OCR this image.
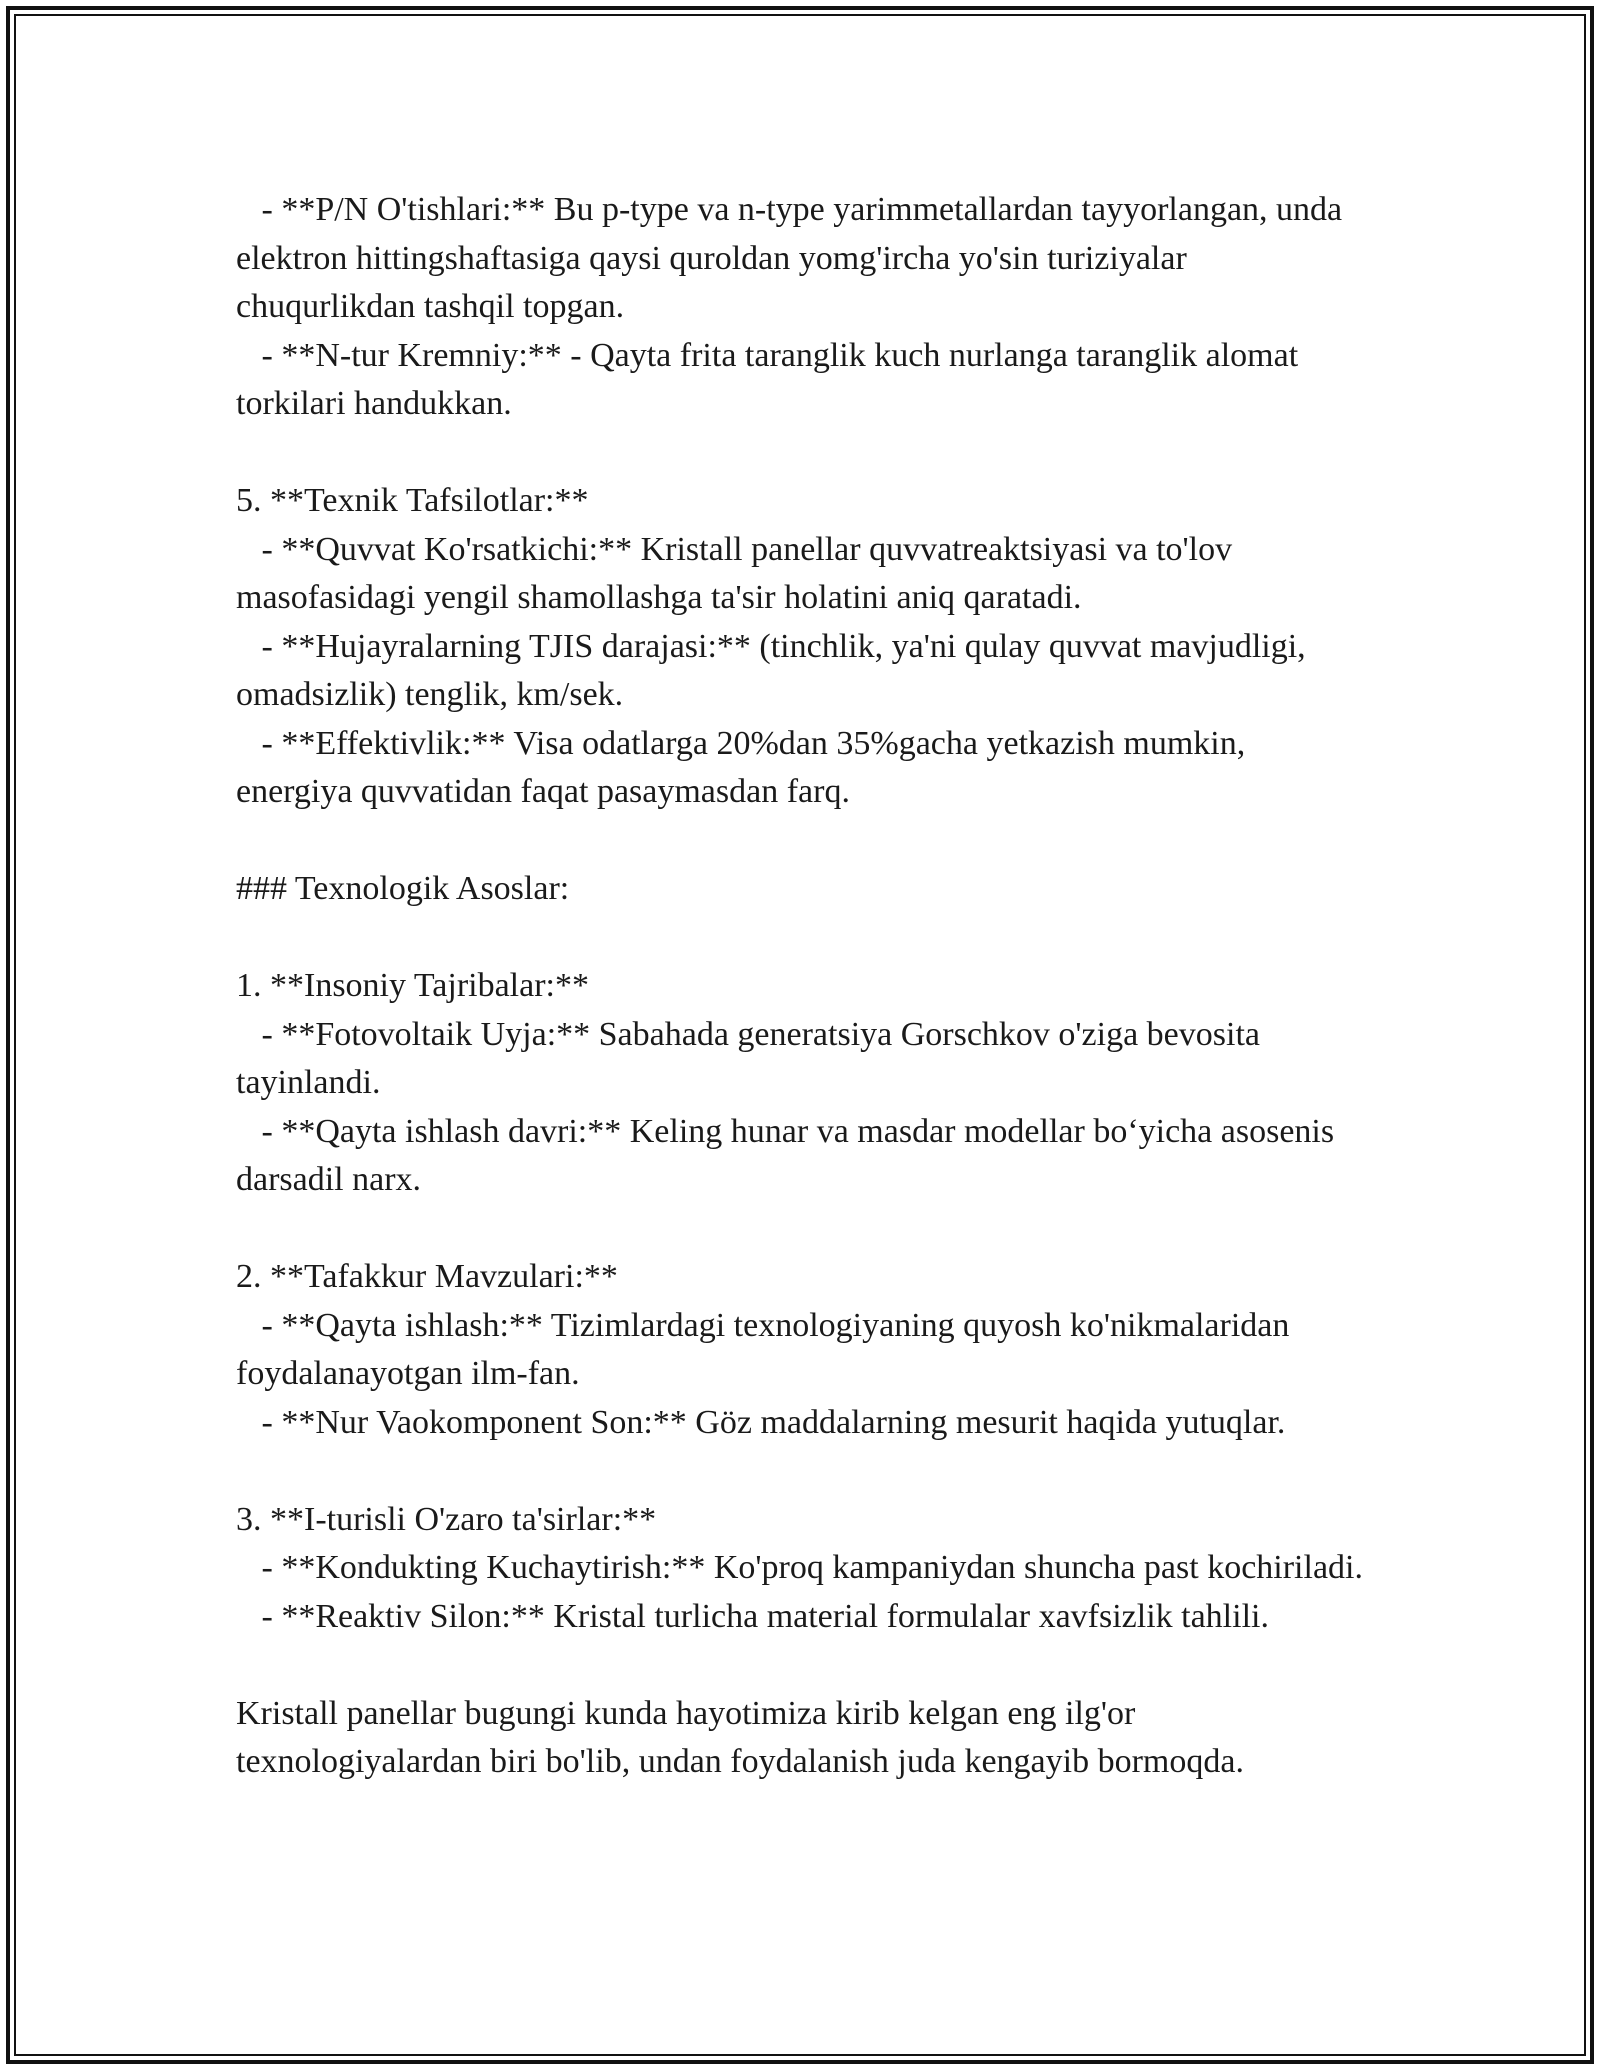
- **P/N O'tishlari:** Bu p-type va n-type yarimmetallardan tayyorlangan, unda elektron hittingshaftasiga qaysi quroldan yomg'ircha yo'sin turiziyalar chuqurlikdan tashqil topgan.

- **N-tur Kremniy:** - Qayta frita taranglik kuch nurlanga taranglik alomat torkilari handukkan.

5. **Texnik Tafsilotlar:**

- **Quvvat Ko'rsatkichi:** Kristall panellar quvvatreaktsiyasi va to'lov masofasidagi yengil shamollashga ta'sir holatini aniq qaratadi.

- **Hujayralarning TJIS darajasi:** (tinchlik, ya'ni qulay quvvat mavjudligi, omadsizlik) tenglik, km/sek.

- **Effektivlik:** Visa odatlarga 20%dan 35%gacha yetkazish mumkin, energiya quvvatidan faqat pasaymasdan farq.

### Texnologik Asoslar:

1. **Insoniy Tajribalar:**

- **Fotovoltaik Uyja:** Sabahada generatsiya Gorschkov o'ziga bevosita tayinlandi.

- **Qayta ishlash davri:** Keling hunar va masdar modellar bo‘yicha asosenis darsadil narx.

2. **Tafakkur Mavzulari:**

- **Qayta ishlash:** Tizimlardagi texnologiyaning quyosh ko'nikmalaridan foydalanayotgan ilm-fan.

- **Nur Vaokomponent Son:** Göz maddalarning mesurit haqida yutuqlar.

3. **I-turisli O'zaro ta'sirlar:**

- **Kondukting Kuchaytirish:** Ko'proq kampaniydan shuncha past kochiriladi.

- **Reaktiv Silon:** Kristal turlicha material formulalar xavfsizlik tahlili.

Kristall panellar bugungi kunda hayotimiza kirib kelgan eng ilg'or texnologiyalardan biri bo'lib, undan foydalanish juda kengayib bormoqda.
